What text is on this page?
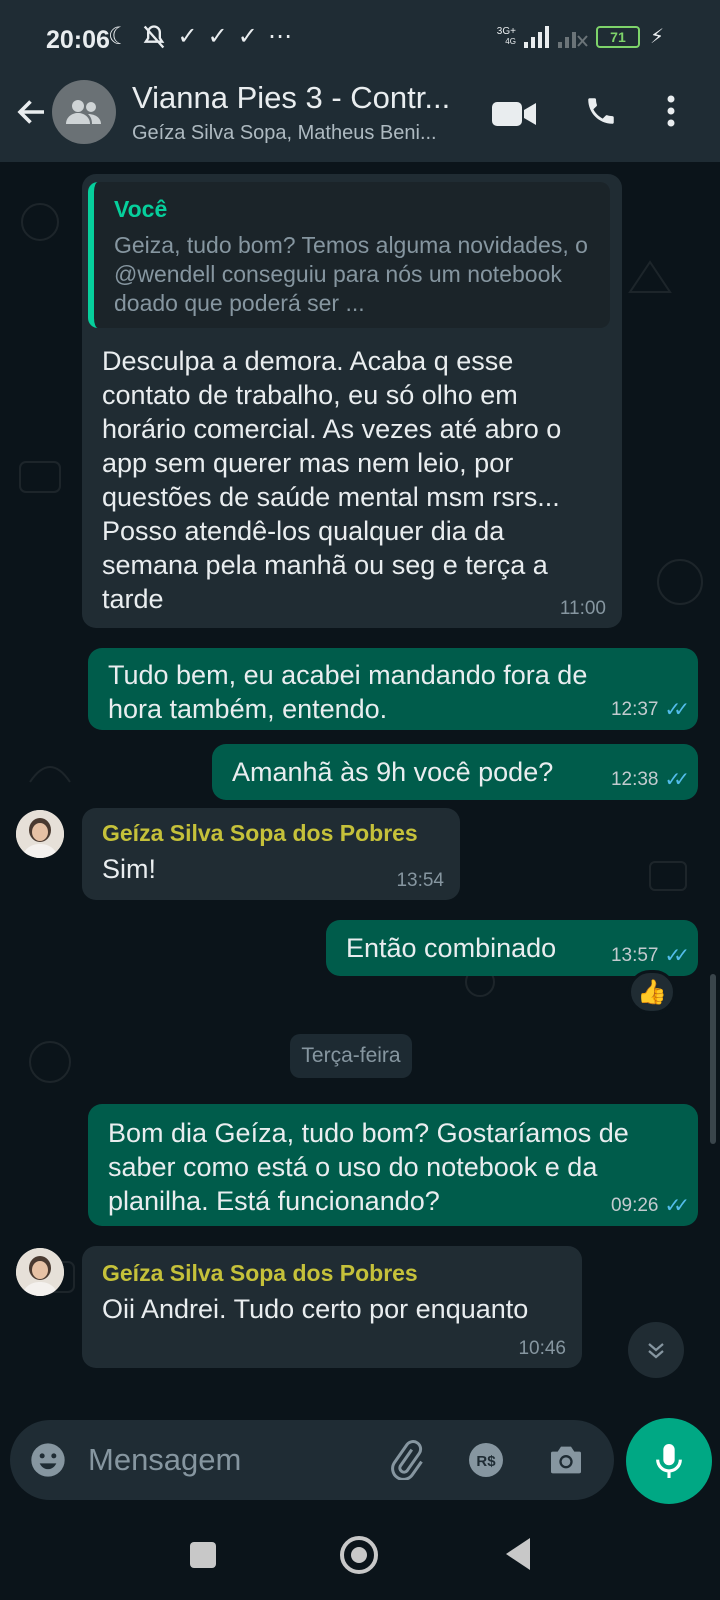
20:06
☾ ✓ ✓ ✓ ⋯	3G+
4G	71 ⚡
Vianna Pies 3 - Contr...
Geíza Silva Sopa, Matheus Beni...
Você
Geiza, tudo bom? Temos alguma novidades, o @wendell conseguiu para nós um notebook doado que poderá ser ...
Desculpa a demora. Acaba q esse contato de trabalho, eu só olho em horário comercial. As vezes até abro o app sem querer mas nem leio, por questões de saúde mental msm rsrs... Posso atendê-los qualquer dia da semana pela manhã ou seg e terça a tarde	11:00
Tudo bem, eu acabei mandando fora de hora também, entendo.	12:37 ✓✓
Amanhã às 9h você pode?	12:38 ✓✓
Geíza Silva Sopa dos Pobres
Sim!	13:54
Então combinado	13:57 ✓✓
👍
Terça-feira
Bom dia Geíza, tudo bom? Gostaríamos de saber como está o uso do notebook e da planilha. Está funcionando?	09:26 ✓✓
Geíza Silva Sopa dos Pobres
Oii Andrei. Tudo certo por enquanto
10:46
Mensagem	R$
